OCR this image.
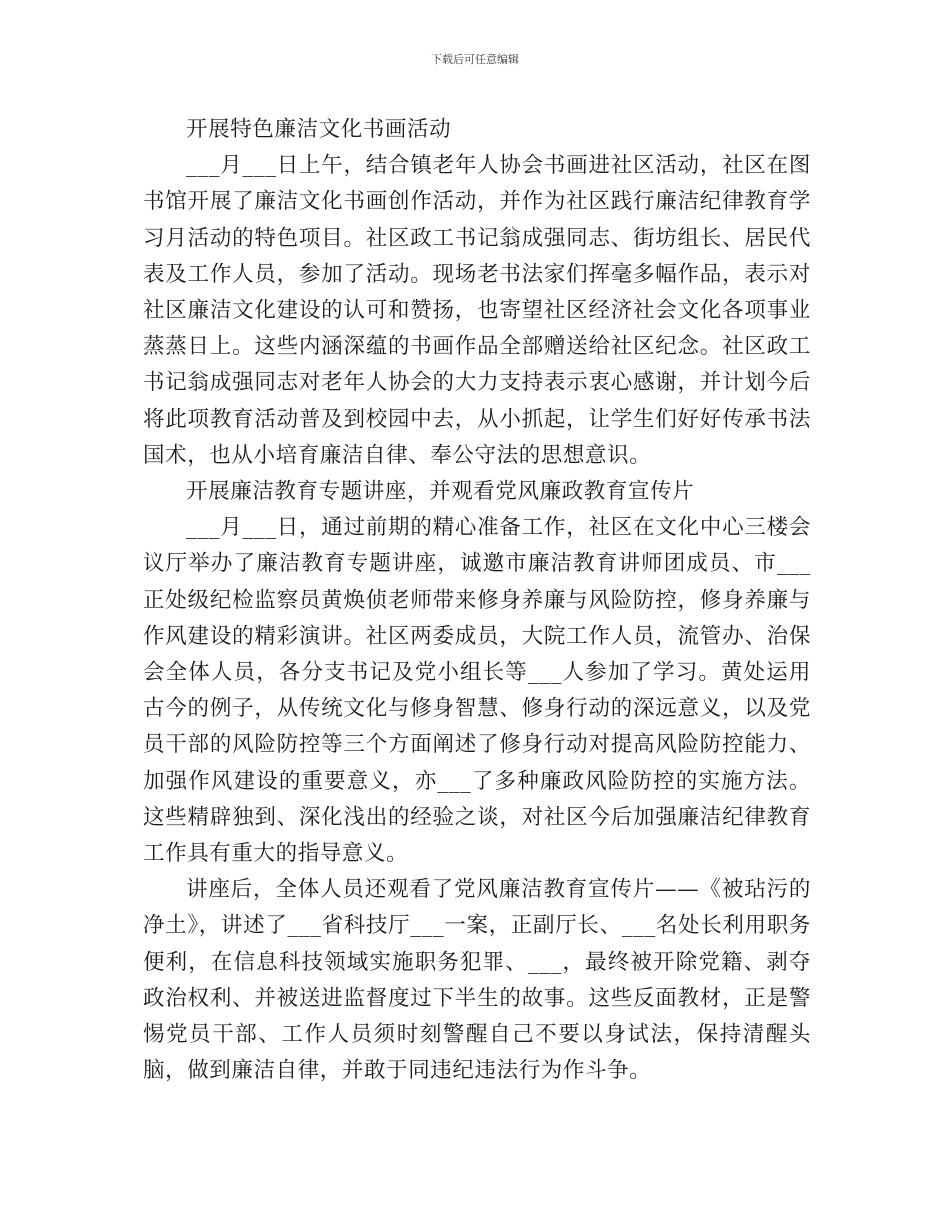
下载后可任意编辑

开展特色廉洁文化书画活动

___月___日上午，结合镇老年人协会书画进社区活动，社区在图书馆开展了廉洁文化书画创作活动，并作为社区践行廉洁纪律教育学习月活动的特色项目。社区政工书记翁成强同志、街坊组长、居民代表及工作人员，参加了活动。现场老书法家们挥毫多幅作品，表示对社区廉洁文化建设的认可和赞扬，也寄望社区经济社会文化各项事业蒸蒸日上。这些内涵深蕴的书画作品全部赠送给社区纪念。社区政工书记翁成强同志对老年人协会的大力支持表示衷心感谢，并计划今后将此项教育活动普及到校园中去，从小抓起，让学生们好好传承书法国术，也从小培育廉洁自律、奉公守法的思想意识。

开展廉洁教育专题讲座，并观看党风廉政教育宣传片

___月___日，通过前期的精心准备工作，社区在文化中心三楼会议厅举办了廉洁教育专题讲座，诚邀市廉洁教育讲师团成员、市___正处级纪检监察员黄焕侦老师带来修身养廉与风险防控，修身养廉与作风建设的精彩演讲。社区两委成员，大院工作人员，流管办、治保会全体人员，各分支书记及党小组长等___人参加了学习。黄处运用古今的例子，从传统文化与修身智慧、修身行动的深远意义，以及党员干部的风险防控等三个方面阐述了修身行动对提高风险防控能力、加强作风建设的重要意义，亦___了多种廉政风险防控的实施方法。这些精辟独到、深化浅出的经验之谈，对社区今后加强廉洁纪律教育工作具有重大的指导意义。

讲座后，全体人员还观看了党风廉洁教育宣传片——《被玷污的净土》，讲述了___省科技厅___一案，正副厅长、___名处长利用职务便利，在信息科技领域实施职务犯罪、___，最终被开除党籍、剥夺政治权利、并被送进监督度过下半生的故事。这些反面教材，正是警惕党员干部、工作人员须时刻警醒自己不要以身试法，保持清醒头脑，做到廉洁自律，并敢于同违纪违法行为作斗争。
